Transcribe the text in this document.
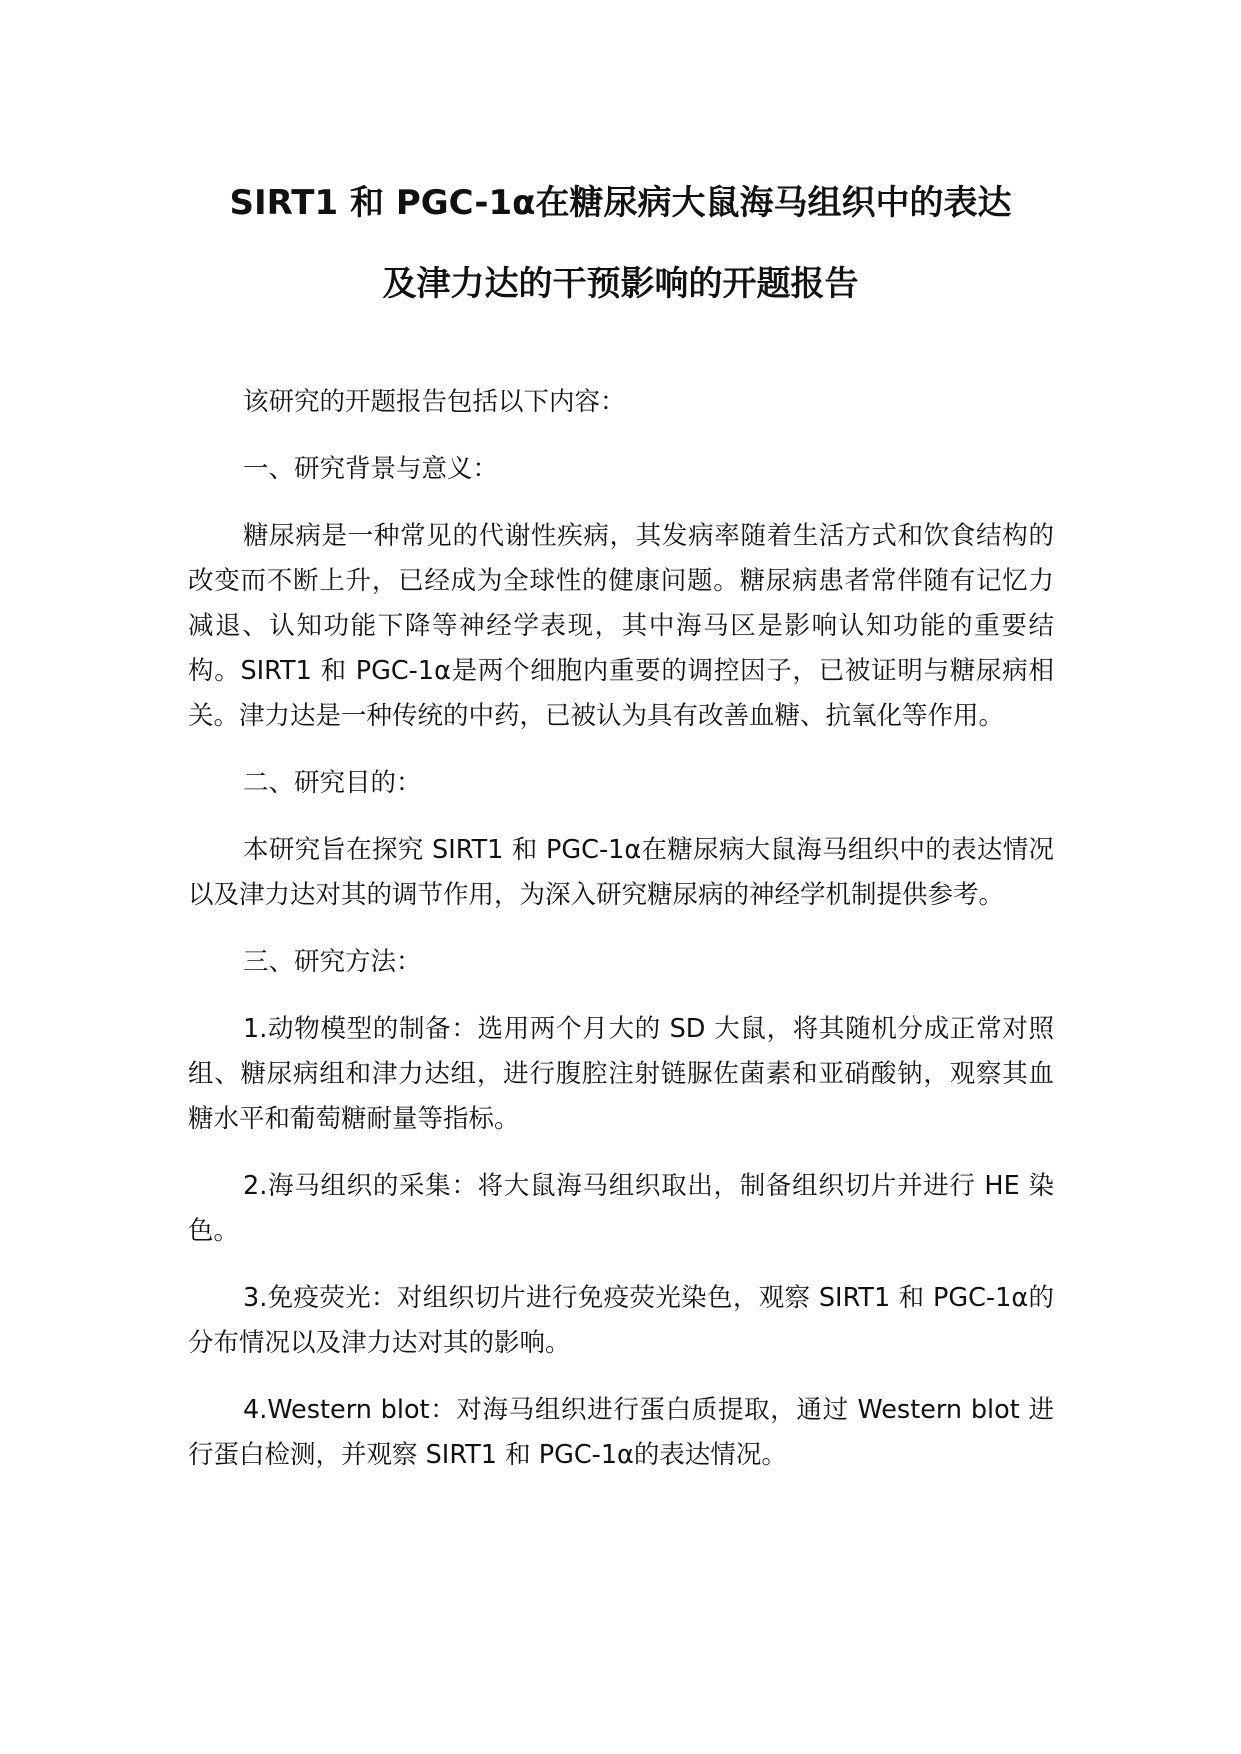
SIRT1 和 PGC-1α在糖尿病大鼠海马组织中的表达
及津力达的干预影响的开题报告

该研究的开题报告包括以下内容：

一、研究背景与意义：

糖尿病是一种常见的代谢性疾病，其发病率随着生活方式和饮食结构的改变而不断上升，已经成为全球性的健康问题。糖尿病患者常伴随有记忆力减退、认知功能下降等神经学表现，其中海马区是影响认知功能的重要结构。SIRT1 和 PGC-1α是两个细胞内重要的调控因子，已被证明与糖尿病相关。津力达是一种传统的中药，已被认为具有改善血糖、抗氧化等作用。

二、研究目的：

本研究旨在探究 SIRT1 和 PGC-1α在糖尿病大鼠海马组织中的表达情况以及津力达对其的调节作用，为深入研究糖尿病的神经学机制提供参考。

三、研究方法：

1.动物模型的制备：选用两个月大的 SD 大鼠，将其随机分成正常对照组、糖尿病组和津力达组，进行腹腔注射链脲佐菌素和亚硝酸钠，观察其血糖水平和葡萄糖耐量等指标。

2.海马组织的采集：将大鼠海马组织取出，制备组织切片并进行 HE 染色。

3.免疫荧光：对组织切片进行免疫荧光染色，观察 SIRT1 和 PGC-1α的分布情况以及津力达对其的影响。

4.Western blot：对海马组织进行蛋白质提取，通过 Western blot 进行蛋白检测，并观察 SIRT1 和 PGC-1α的表达情况。
